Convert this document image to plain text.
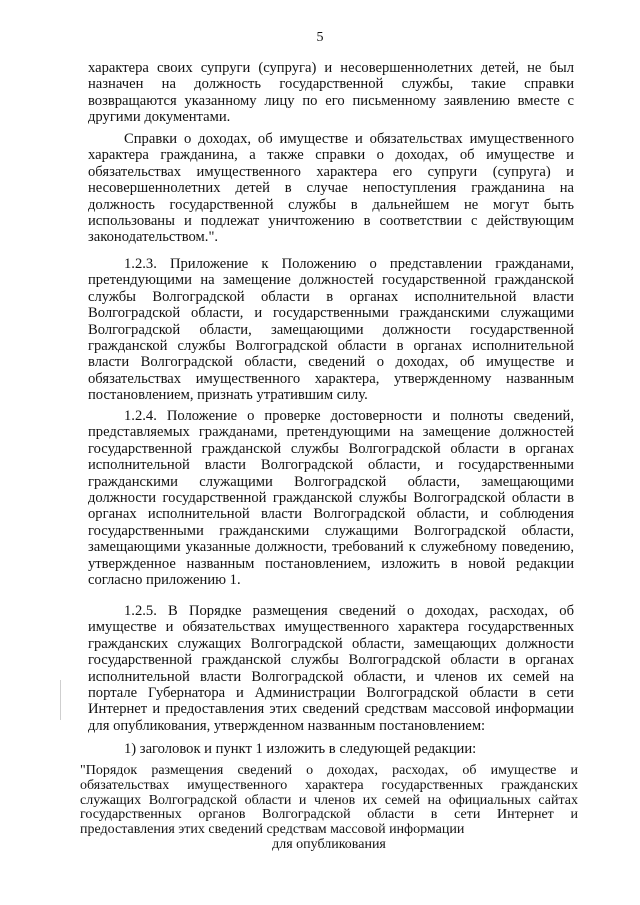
5

характера своих супруги (супруга) и несовершеннолетних детей, не был назначен на должность государственной службы, такие справки возвращаются указанному лицу по его письменному заявлению вместе с другими документами.

Справки о доходах, об имуществе и обязательствах имущественного характера гражданина, а также справки о доходах, об имуществе и обязательствах имущественного характера его супруги (супруга) и несовершеннолетних детей в случае непоступления гражданина на должность государственной службы в дальнейшем не могут быть использованы и подлежат уничтожению в соответствии с действующим законодательством.".

1.2.3. Приложение к Положению о представлении гражданами, претендующими на замещение должностей государственной гражданской службы Волгоградской области в органах исполнительной власти Волгоградской области, и государственными гражданскими служащими Волгоградской области, замещающими должности государственной гражданской службы Волгоградской области в органах исполнительной власти Волгоградской области, сведений о доходах, об имуществе и обязательствах имущественного характера, утвержденному названным постановлением, признать утратившим силу.

1.2.4. Положение о проверке достоверности и полноты сведений, представляемых гражданами, претендующими на замещение должностей государственной гражданской службы Волгоградской области в органах исполнительной власти Волгоградской области, и государственными гражданскими служащими Волгоградской области, замещающими должности государственной гражданской службы Волгоградской области в органах исполнительной власти Волгоградской области, и соблюдения государственными гражданскими служащими Волгоградской области, замещающими указанные должности, требований к служебному поведению, утвержденное названным постановлением, изложить в новой редакции согласно приложению 1.

1.2.5. В Порядке размещения сведений о доходах, расходах, об имуществе и обязательствах имущественного характера государственных гражданских служащих Волгоградской области, замещающих должности государственной гражданской службы Волгоградской области в органах исполнительной власти Волгоградской области, и членов их семей на портале Губернатора и Администрации Волгоградской области в сети Интернет и предоставления этих сведений средствам массовой информации для опубликования, утвержденном названным постановлением:

1) заголовок и пункт 1 изложить в следующей редакции:

"Порядок размещения сведений о доходах, расходах, об имуществе и обязательствах имущественного характера государственных гражданских служащих Волгоградской области и членов их семей на официальных сайтах государственных органов Волгоградской области в сети Интернет и предоставления этих сведений средствам массовой информации

для опубликования
